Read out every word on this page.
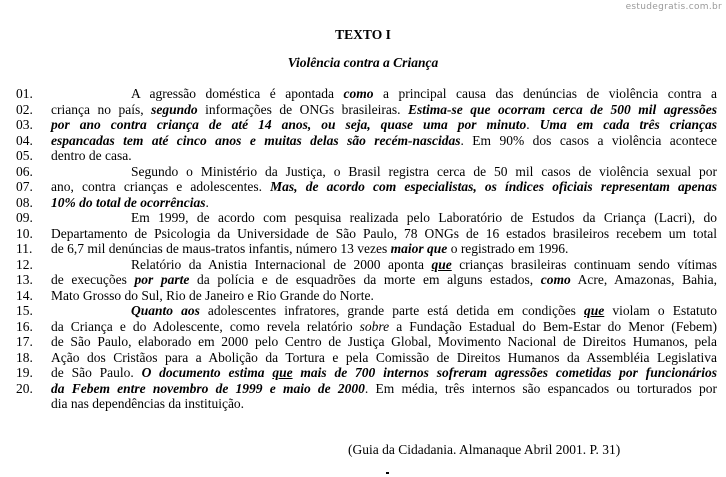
estudegratis.com.br
TEXTO I
Violência contra a Criança
01.
02.
03.
04.
05.
06.
07.
08.
09.
10.
11.
12.
13.
14.
15.
16.
17.
18.
19.
20.
A agressão doméstica é apontada como a principal causa das denúncias de violência contra a
criança no país, segundo informações de ONGs brasileiras. Estima-se que ocorram cerca de 500 mil agressões
por ano contra criança de até 14 anos, ou seja, quase uma por minuto. Uma em cada três crianças
espancadas tem até cinco anos e muitas delas são recém-nascidas. Em 90% dos casos a violência acontece
dentro de casa.
Segundo o Ministério da Justiça, o Brasil registra cerca de 50 mil casos de violência sexual por
ano, contra crianças e adolescentes. Mas, de acordo com especialistas, os índices oficiais representam apenas
10% do total de ocorrências.
Em 1999, de acordo com pesquisa realizada pelo Laboratório de Estudos da Criança (Lacri), do
Departamento de Psicologia da Universidade de São Paulo, 78 ONGs de 16 estados brasileiros recebem um total
de 6,7 mil denúncias de maus-tratos infantis, número 13 vezes maior que o registrado em 1996.
Relatório da Anistia Internacional de 2000 aponta que crianças brasileiras continuam sendo vítimas
de execuções por parte da polícia e de esquadrões da morte em alguns estados, como Acre, Amazonas, Bahia,
Mato Grosso do Sul, Rio de Janeiro e Rio Grande do Norte.
Quanto aos adolescentes infratores, grande parte está detida em condições que violam o Estatuto
da Criança e do Adolescente, como revela relatório sobre a Fundação Estadual do Bem-Estar do Menor (Febem)
de São Paulo, elaborado em 2000 pelo Centro de Justiça Global, Movimento Nacional de Direitos Humanos, pela
Ação dos Cristãos para a Abolição da Tortura e pela Comissão de Direitos Humanos da Assembléia Legislativa
de São Paulo. O documento estima que mais de 700 internos sofreram agressões cometidas por funcionários
da Febem entre novembro de 1999 e maio de 2000. Em média, três internos são espancados ou torturados por
dia nas dependências da instituição.
(Guia da Cidadania. Almanaque Abril 2001. P. 31)
